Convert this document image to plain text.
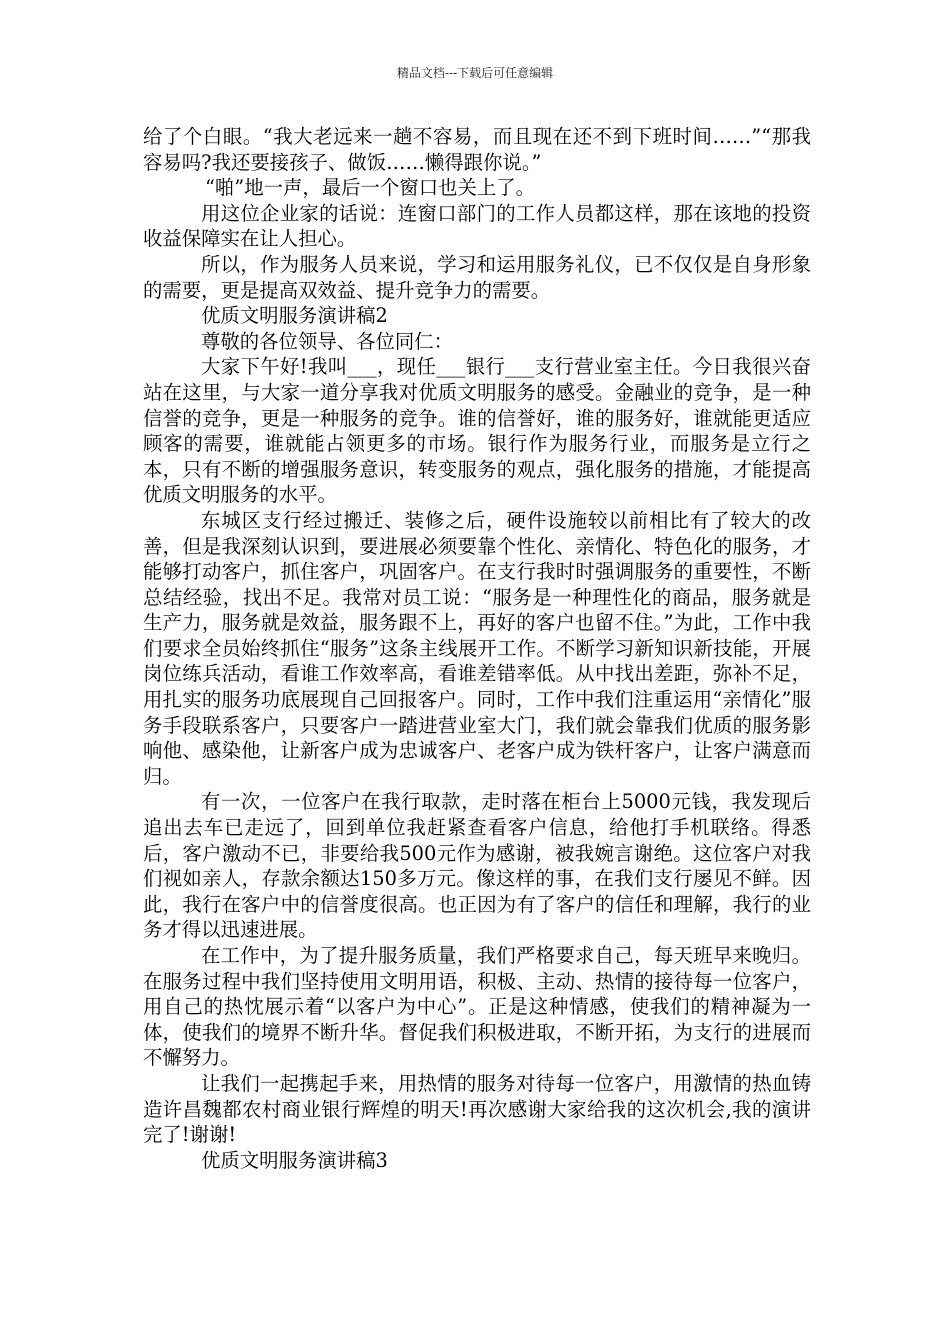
精品文档---下载后可任意编辑

给了个白眼。“我大老远来一趟不容易，而且现在还不到下班时间……”“那我容易吗?我还要接孩子、做饭……懒得跟你说。”

“啪”地一声，最后一个窗口也关上了。

用这位企业家的话说：连窗口部门的工作人员都这样，那在该地的投资收益保障实在让人担心。

所以，作为服务人员来说，学习和运用服务礼仪，已不仅仅是自身形象的需要，更是提高双效益、提升竞争力的需要。

优质文明服务演讲稿2

尊敬的各位领导、各位同仁：

大家下午好!我叫___，现任___银行___支行营业室主任。今日我很兴奋站在这里，与大家一道分享我对优质文明服务的感受。金融业的竞争，是一种信誉的竞争，更是一种服务的竞争。谁的信誉好，谁的服务好，谁就能更适应顾客的需要，谁就能占领更多的市场。银行作为服务行业，而服务是立行之本，只有不断的增强服务意识，转变服务的观点，强化服务的措施，才能提高优质文明服务的水平。

东城区支行经过搬迁、装修之后，硬件设施较以前相比有了较大的改善，但是我深刻认识到，要进展必须要靠个性化、亲情化、特色化的服务，才能够打动客户，抓住客户，巩固客户。在支行我时时强调服务的重要性，不断总结经验，找出不足。我常对员工说：“服务是一种理性化的商品，服务就是生产力，服务就是效益，服务跟不上，再好的客户也留不住。”为此，工作中我们要求全员始终抓住“服务”这条主线展开工作。不断学习新知识新技能，开展岗位练兵活动，看谁工作效率高，看谁差错率低。从中找出差距，弥补不足，用扎实的服务功底展现自己回报客户。同时，工作中我们注重运用“亲情化”服务手段联系客户，只要客户一踏进营业室大门，我们就会靠我们优质的服务影响他、感染他，让新客户成为忠诚客户、老客户成为铁杆客户，让客户满意而归。

有一次，一位客户在我行取款，走时落在柜台上5000元钱，我发现后追出去车已走远了，回到单位我赶紧查看客户信息，给他打手机联络。得悉后，客户激动不已，非要给我500元作为感谢，被我婉言谢绝。这位客户对我们视如亲人，存款余额达150多万元。像这样的事，在我们支行屡见不鲜。因此，我行在客户中的信誉度很高。也正因为有了客户的信任和理解，我行的业务才得以迅速进展。

在工作中，为了提升服务质量，我们严格要求自己，每天班早来晚归。在服务过程中我们坚持使用文明用语，积极、主动、热情的接待每一位客户，用自己的热忱展示着“以客户为中心”。正是这种情感，使我们的精神凝为一体，使我们的境界不断升华。督促我们积极进取，不断开拓，为支行的进展而不懈努力。

让我们一起携起手来，用热情的服务对待每一位客户，用激情的热血铸造许昌魏都农村商业银行辉煌的明天!再次感谢大家给我的这次机会,我的演讲完了!谢谢!

优质文明服务演讲稿3
